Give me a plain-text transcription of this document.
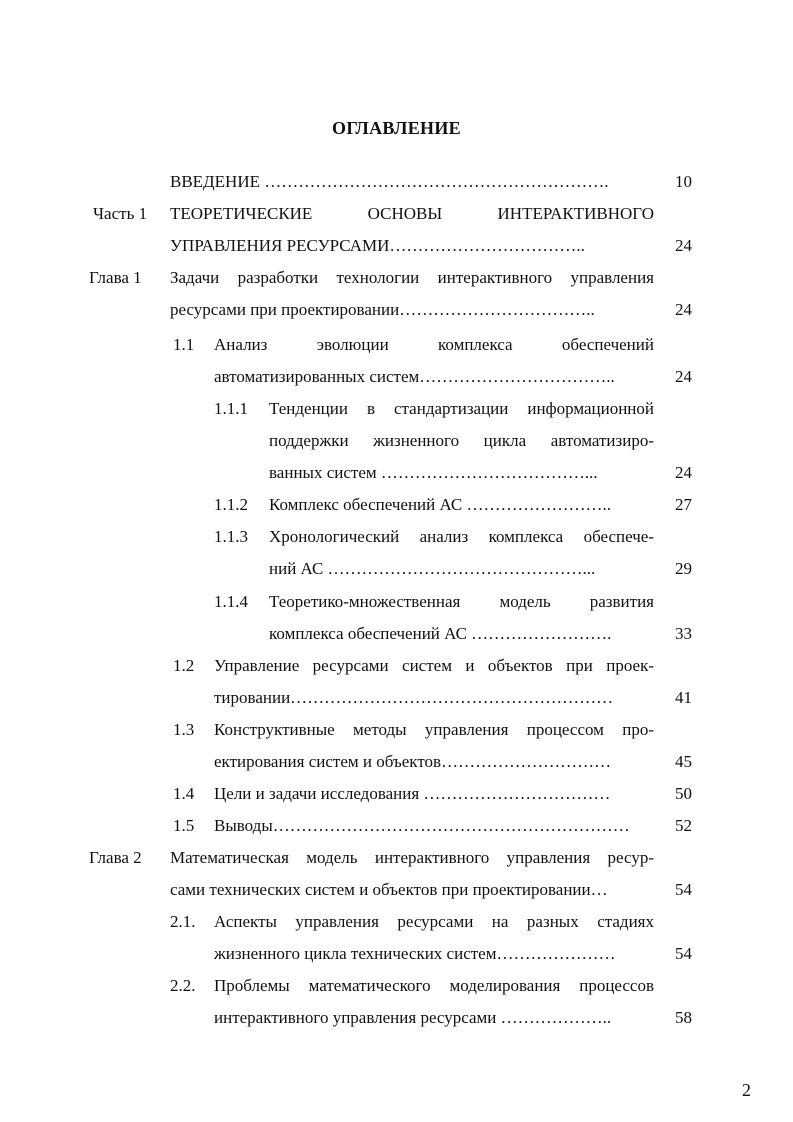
ОГЛАВЛЕНИЕ
ВВЕДЕНИЕ …………………………………………………….	10
Часть 1 ТЕОРЕТИЧЕСКИЕ	ОСНОВЫ	ИНТЕРАКТИВНОГО
УПРАВЛЕНИЯ РЕСУРСАМИ……………………………..	24
Глава 1 Задачи разработки технологии интерактивного управления
ресурсами при проектировании……………………………..	24
1.1 Анализ	эволюции	комплекса	обеспечений
автоматизированных систем……………………………..	24
1.1.1 Тенденции в стандартизации информационной
поддержки жизненного цикла автоматизиро-
ванных систем ………………………………...	24
1.1.2 Комплекс обеспечений АС ……………………..	27
1.1.3 Хронологический анализ комплекса обеспече-
ний АС ………………………………………...	29
1.1.4 Теоретико-множественная модель развития
комплекса обеспечений АС …………………….	33
1.2 Управление ресурсами систем и объектов при проек-
тировании…………………………………………………	41
1.3 Конструктивные методы управления процессом про-
ектирования систем и объектов…………………………	45
1.4 Цели и задачи исследования ……………………………	50
1.5 Выводы………………………………………………………	52
Глава 2 Математическая модель интерактивного управления ресур-
сами технических систем и объектов при проектировании…	54
2.1. Аспекты управления ресурсами на разных стадиях
жизненного цикла технических систем…………………	54
2.2. Проблемы математического моделирования процессов
интерактивного управления ресурсами ………………..	58
2
